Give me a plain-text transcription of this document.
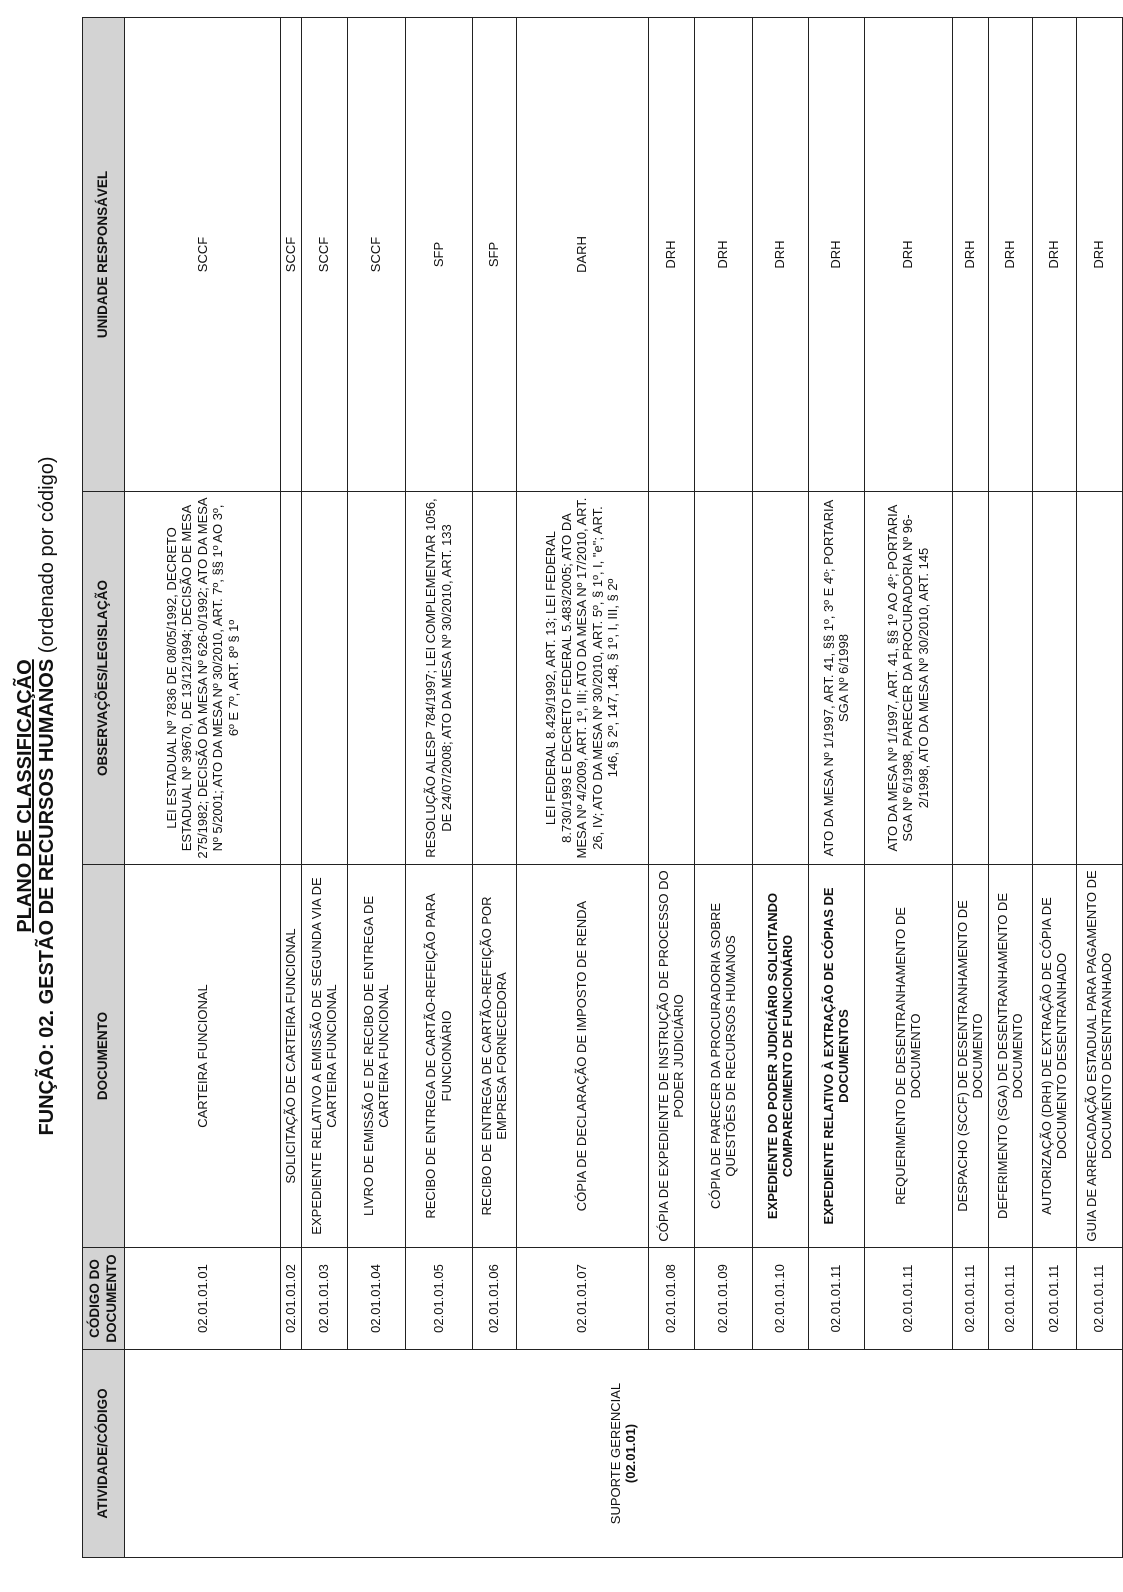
PLANO DE CLASSIFICAÇÃO FUNÇÃO: 02. GESTÃO DE RECURSOS HUMANOS (ordenado por código)
ATIVIDADE/CÓDIGO	CÓDIGO DO DOCUMENTO	DOCUMENTO	OBSERVAÇÕES/LEGISLAÇÃO	UNIDADE RESPONSÁVEL

SUPORTE GERENCIAL (02.01.01)	02.01.01.01	CARTEIRA FUNCIONAL	LEI ESTADUAL Nº 7836 DE 08/05/1992, DECRETO ESTADUAL Nº 39670, DE 13/12/1994; DECISÃO DE MESA 275/1982; DECISÃO DA MESA Nº 626-0/1992; ATO DA MESA Nº 5/2001; ATO DA MESA Nº 30/2010, ART. 7º, §§ 1º AO 3º, 6º E 7º, ART. 8º § 1º	SCCF
	02.01.01.02	SOLICITAÇÃO DE CARTEIRA FUNCIONAL		SCCF
	02.01.01.03	EXPEDIENTE RELATIVO A EMISSÃO DE SEGUNDA VIA DE CARTEIRA FUNCIONAL		SCCF
	02.01.01.04	LIVRO DE EMISSÃO E DE RECIBO DE ENTREGA DE CARTEIRA FUNCIONAL		SCCF
	02.01.01.05	RECIBO DE ENTREGA DE CARTÃO-REFEIÇÃO PARA FUNCIONÁRIO	RESOLUÇÃO ALESP 784/1997; LEI COMPLEMENTAR 1056, DE 24/07/2008; ATO DA MESA Nº 30/2010, ART. 133	SFP
	02.01.01.06	RECIBO DE ENTREGA DE CARTÃO-REFEIÇÃO POR EMPRESA FORNECEDORA		SFP
	02.01.01.07	CÓPIA DE DECLARAÇÃO DE IMPOSTO DE RENDA	LEI FEDERAL 8.429/1992, ART. 13; LEI FEDERAL 8.730/1993 E DECRETO FEDERAL 5.483/2005; ATO DA MESA Nº 4/2009, ART. 1º, III; ATO DA MESA Nº 17/2010, ART. 26, IV; ATO DA MESA Nº 30/2010, ART. 5º, § 1º, I, "e"; ART. 146, § 2º, 147, 148, § 1º, I, III, § 2º	DARH
	02.01.01.08	CÓPIA DE EXPEDIENTE DE INSTRUÇÃO DE PROCESSO DO PODER JUDICIÁRIO		DRH
	02.01.01.09	CÓPIA DE PARECER DA PROCURADORIA SOBRE QUESTÕES DE RECURSOS HUMANOS		DRH
	02.01.01.10	EXPEDIENTE DO PODER JUDICIÁRIO SOLICITANDO COMPARECIMENTO DE FUNCIONÁRIO		DRH
	02.01.01.11	EXPEDIENTE RELATIVO À EXTRAÇÃO DE CÓPIAS DE DOCUMENTOS	ATO DA MESA Nº 1/1997, ART. 41, §§ 1º, 3º E 4º; PORTARIA SGA Nº 6/1998	DRH
	02.01.01.11	REQUERIMENTO DE DESENTRANHAMENTO DE DOCUMENTO	ATO DA MESA Nº 1/1997, ART. 41, §§ 1º AO 4º; PORTARIA SGA Nº 6/1998, PARECER DA PROCURADORIA Nº 96-2/1998, ATO DA MESA Nº 30/2010, ART. 145	DRH
	02.01.01.11	DESPACHO (SCCF) DE DESENTRANHAMENTO DE DOCUMENTO		DRH
	02.01.01.11	DEFERIMENTO (SGA) DE DESENTRANHAMENTO DE DOCUMENTO		DRH
	02.01.01.11	AUTORIZAÇÃO (DRH) DE EXTRAÇÃO DE CÓPIA DE DOCUMENTO DESENTRANHADO		DRH
	02.01.01.11	GUIA DE ARRECADAÇÃO ESTADUAL PARA PAGAMENTO DE DOCUMENTO DESENTRANHADO		DRH
